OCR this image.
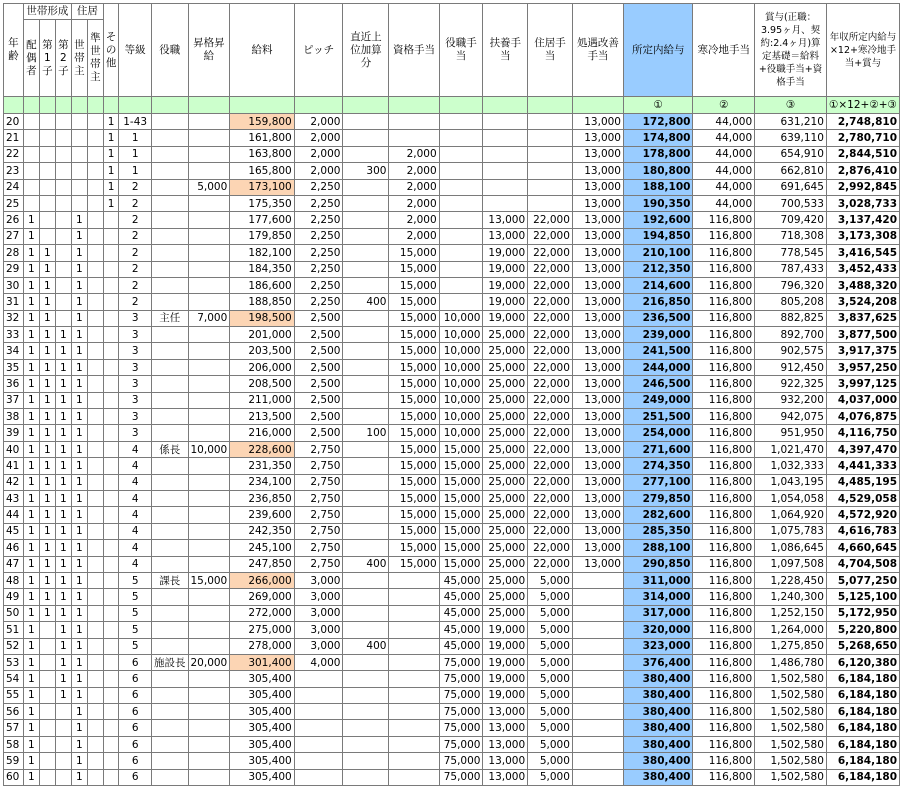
年齢	世帯形成			住居		その他	等級	役職	昇格昇給	給料	ピッチ	直近上位加算分	資格手当	役職手当	扶養手当	住居手当	処遇改善手当	所定内給与	寒冷地手当	賞与(正職：3.95ヶ月、契約:2.4ヶ月)算定基礎＝給料+役職手当+資格手当	年収所定内給与×12+寒冷地手当+賞与
	配偶者	第1子	第2子	世帯主	準世帯主																
																		①	②	③	①×12+②+③
20						1	1-43			159,800	2,000						13,000	172,800	44,000	631,210	2,748,810
21						1	1			161,800	2,000						13,000	174,800	44,000	639,110	2,780,710
22						1	1			163,800	2,000		2,000				13,000	178,800	44,000	654,910	2,844,510
23						1	1			165,800	2,000	300	2,000				13,000	180,800	44,000	662,810	2,876,410
24						1	2		5,000	173,100	2,250		2,000				13,000	188,100	44,000	691,645	2,992,845
25						1	2			175,350	2,250		2,000				13,000	190,350	44,000	700,533	3,028,733
26	1			1			2			177,600	2,250		2,000		13,000	22,000	13,000	192,600	116,800	709,420	3,137,420
27	1			1			2			179,850	2,250		2,000		13,000	22,000	13,000	194,850	116,800	718,308	3,173,308
28	1	1		1			2			182,100	2,250		15,000		19,000	22,000	13,000	210,100	116,800	778,545	3,416,545
29	1	1		1			2			184,350	2,250		15,000		19,000	22,000	13,000	212,350	116,800	787,433	3,452,433
30	1	1		1			2			186,600	2,250		15,000		19,000	22,000	13,000	214,600	116,800	796,320	3,488,320
31	1	1		1			2			188,850	2,250	400	15,000		19,000	22,000	13,000	216,850	116,800	805,208	3,524,208
32	1	1		1			3	主任	7,000	198,500	2,500		15,000	10,000	19,000	22,000	13,000	236,500	116,800	882,825	3,837,625
33	1	1	1	1			3			201,000	2,500		15,000	10,000	25,000	22,000	13,000	239,000	116,800	892,700	3,877,500
34	1	1	1	1			3			203,500	2,500		15,000	10,000	25,000	22,000	13,000	241,500	116,800	902,575	3,917,375
35	1	1	1	1			3			206,000	2,500		15,000	10,000	25,000	22,000	13,000	244,000	116,800	912,450	3,957,250
36	1	1	1	1			3			208,500	2,500		15,000	10,000	25,000	22,000	13,000	246,500	116,800	922,325	3,997,125
37	1	1	1	1			3			211,000	2,500		15,000	10,000	25,000	22,000	13,000	249,000	116,800	932,200	4,037,000
38	1	1	1	1			3			213,500	2,500		15,000	10,000	25,000	22,000	13,000	251,500	116,800	942,075	4,076,875
39	1	1	1	1			3			216,000	2,500	100	15,000	10,000	25,000	22,000	13,000	254,000	116,800	951,950	4,116,750
40	1	1	1	1			4	係長	10,000	228,600	2,750		15,000	15,000	25,000	22,000	13,000	271,600	116,800	1,021,470	4,397,470
41	1	1	1	1			4			231,350	2,750		15,000	15,000	25,000	22,000	13,000	274,350	116,800	1,032,333	4,441,333
42	1	1	1	1			4			234,100	2,750		15,000	15,000	25,000	22,000	13,000	277,100	116,800	1,043,195	4,485,195
43	1	1	1	1			4			236,850	2,750		15,000	15,000	25,000	22,000	13,000	279,850	116,800	1,054,058	4,529,058
44	1	1	1	1			4			239,600	2,750		15,000	15,000	25,000	22,000	13,000	282,600	116,800	1,064,920	4,572,920
45	1	1	1	1			4			242,350	2,750		15,000	15,000	25,000	22,000	13,000	285,350	116,800	1,075,783	4,616,783
46	1	1	1	1			4			245,100	2,750		15,000	15,000	25,000	22,000	13,000	288,100	116,800	1,086,645	4,660,645
47	1	1	1	1			4			247,850	2,750	400	15,000	15,000	25,000	22,000	13,000	290,850	116,800	1,097,508	4,704,508
48	1	1	1	1			5	課長	15,000	266,000	3,000			45,000	25,000	5,000		311,000	116,800	1,228,450	5,077,250
49	1	1	1	1			5			269,000	3,000			45,000	25,000	5,000		314,000	116,800	1,240,300	5,125,100
50	1	1	1	1			5			272,000	3,000			45,000	25,000	5,000		317,000	116,800	1,252,150	5,172,950
51	1		1	1			5			275,000	3,000			45,000	19,000	5,000		320,000	116,800	1,264,000	5,220,800
52	1		1	1			5			278,000	3,000	400		45,000	19,000	5,000		323,000	116,800	1,275,850	5,268,650
53	1		1	1			6	施設長	20,000	301,400	4,000			75,000	19,000	5,000		376,400	116,800	1,486,780	6,120,380
54	1		1	1			6			305,400				75,000	19,000	5,000		380,400	116,800	1,502,580	6,184,180
55	1		1	1			6			305,400				75,000	19,000	5,000		380,400	116,800	1,502,580	6,184,180
56	1			1			6			305,400				75,000	13,000	5,000		380,400	116,800	1,502,580	6,184,180
57	1			1			6			305,400				75,000	13,000	5,000		380,400	116,800	1,502,580	6,184,180
58	1			1			6			305,400				75,000	13,000	5,000		380,400	116,800	1,502,580	6,184,180
59	1			1			6			305,400				75,000	13,000	5,000		380,400	116,800	1,502,580	6,184,180
60	1			1			6			305,400				75,000	13,000	5,000		380,400	116,800	1,502,580	6,184,180
